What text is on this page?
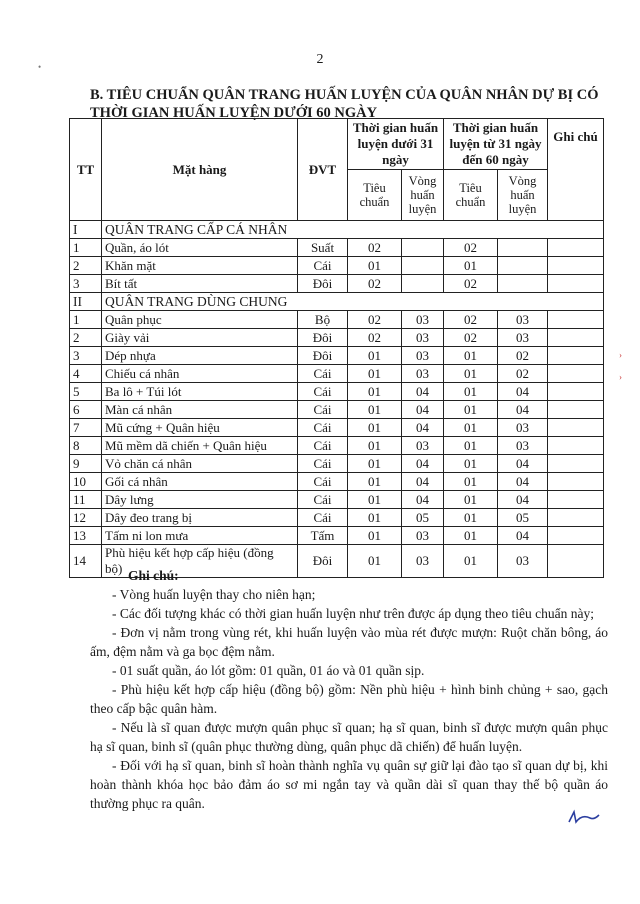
2
B. TIÊU CHUẨN QUÂN TRANG HUẤN LUYỆN CỦA QUÂN NHÂN DỰ BỊ CÓ THỜI GIAN HUẤN LUYỆN DƯỚI 60 NGÀY
TT	Mặt hàng	ĐVT	Thời gian huấn luyện dưới 31 ngày		Thời gian huấn luyện từ 31 ngày đến 60 ngày		Ghi chú
			Tiêu chuẩn	Vòng huấn luyện	Tiêu chuẩn	Vòng huấn luyện	
I	QUÂN TRANG CẤP CÁ NHÂN						
1	Quần, áo lót	Suất	02		02		
2	Khăn mặt	Cái	01		01		
3	Bít tất	Đôi	02		02		
II	QUÂN TRANG DÙNG CHUNG						
1	Quân phục	Bộ	02	03	02	03	
2	Giày vải	Đôi	02	03	02	03	
3	Dép nhựa	Đôi	01	03	01	02	
4	Chiếu cá nhân	Cái	01	03	01	02	
5	Ba lô + Túi lót	Cái	01	04	01	04	
6	Màn cá nhân	Cái	01	04	01	04	
7	Mũ cứng + Quân hiệu	Cái	01	04	01	03	
8	Mũ mềm dã chiến + Quân hiệu	Cái	01	03	01	03	
9	Vỏ chăn cá nhân	Cái	01	04	01	04	
10	Gối cá nhân	Cái	01	04	01	04	
11	Dây lưng	Cái	01	04	01	04	
12	Dây đeo trang bị	Cái	01	05	01	05	
13	Tấm ni lon mưa	Tấm	01	03	01	04	
14	Phù hiệu kết hợp cấp hiệu (đồng bộ)	Đôi	01	03	01	03	
Ghi chú:

- Vòng huấn luyện thay cho niên hạn;

- Các đối tượng khác có thời gian huấn luyện như trên được áp dụng theo tiêu chuẩn này;

- Đơn vị nằm trong vùng rét, khi huấn luyện vào mùa rét được mượn: Ruột chăn bông, áo ấm, đệm nằm và ga bọc đệm nằm.

- 01 suất quần, áo lót gồm: 01 quần, 01 áo và 01 quần sịp.

- Phù hiệu kết hợp cấp hiệu (đồng bộ) gồm: Nền phù hiệu + hình binh chủng + sao, gạch theo cấp bậc quân hàm.

- Nếu là sĩ quan được mượn quân phục sĩ quan; hạ sĩ quan, binh sĩ được mượn quân phục hạ sĩ quan, binh sĩ (quân phục thường dùng, quân phục dã chiến) để huấn luyện.

- Đối với hạ sĩ quan, binh sĩ hoàn thành nghĩa vụ quân sự giữ lại đào tạo sĩ quan dự bị, khi hoàn thành khóa học bảo đảm áo sơ mi ngắn tay và quần dài sĩ quan thay thế bộ quần áo thường phục ra quân.

•
›
›
